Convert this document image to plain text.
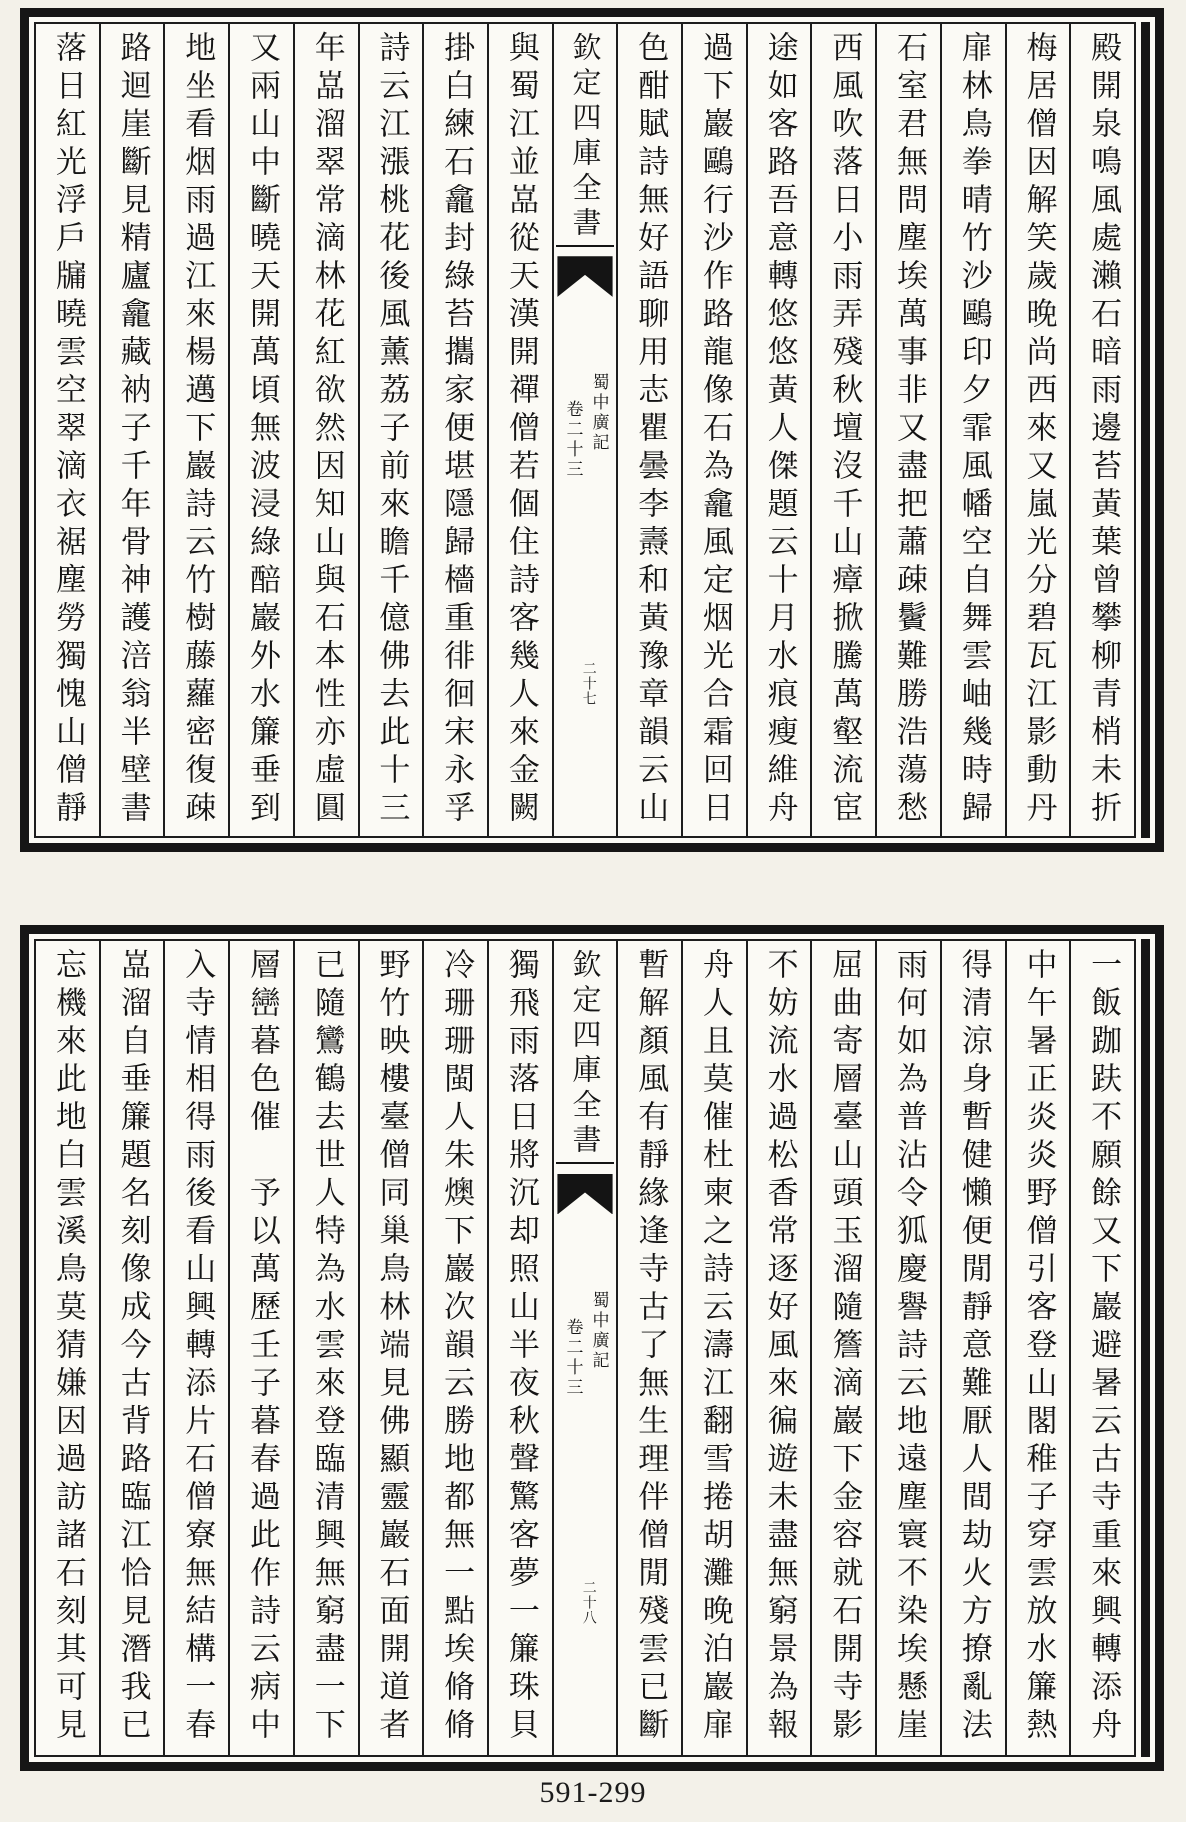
殿開泉鳴風處瀨石暗雨邊苔黃葉曾攀柳青梢未折
梅居僧因解笑歲晚尚西來又嵐光分碧瓦江影動丹
扉林鳥拳晴竹沙鷗印夕霏風幡空自舞雲岫幾時歸
石室君無問塵埃萬事非又盡把蕭疎鬢難勝浩蕩愁
西風吹落日小雨弄殘秋壇沒千山瘴掀騰萬壑流宦
途如客路吾意轉悠悠黃人傑題云十月水痕瘦維舟
過下巖鷗行沙作路龍像石為龕風定烟光合霜回日
色酣賦詩無好語聊用志瞿曇李燾和黃豫章韻云山
欽定四庫全書
卷二十三 蜀中廣記
二十七
與蜀江並嵓從天漢開禪僧若個住詩客幾人來金闕
掛白練石龕封綠苔攜家便堪隱歸檣重徘徊宋永孚
詩云江漲桃花後風薰荔子前來瞻千億佛去此十三
年嵓溜翠常滴林花紅欲然因知山與石本性亦虛圓
又兩山中斷曉天開萬頃無波浸綠醅巖外水簾垂到
地坐看烟雨過江來楊邁下巖詩云竹樹藤蘿密復疎
路迴崖斷見精廬龕藏衲子千年骨神護涪翁半壁書
落日紅光浮戶牖曉雲空翠滴衣裾塵勞獨愧山僧靜
一飯跏趺不願餘又下巖避暑云古寺重來興轉添舟
中午暑正炎炎野僧引客登山閣稚子穿雲放水簾熱
得清涼身暫健懶便閒靜意難厭人間劫火方撩亂法
雨何如為普沾令狐慶譽詩云地遠塵寰不染埃懸崖
屈曲寄層臺山頭玉溜隨簷滴巖下金容就石開寺影
不妨流水過松香常逐好風來徧遊未盡無窮景為報
舟人且莫催杜柬之詩云濤江翻雪捲胡灘晚泊巖扉
暫解顏風有靜緣逢寺古了無生理伴僧閒殘雲已斷
欽定四庫全書
卷二十三 蜀中廣記
二十八
獨飛雨落日將沉却照山半夜秋聲驚客夢一簾珠貝
冷珊珊閩人朱燠下巖次韻云勝地都無一點埃脩脩
野竹映樓臺僧同巢鳥林端見佛顯靈巖石面開道者
已隨鸞鶴去世人特為水雲來登臨清興無窮盡一下
層巒暮色催　予以萬歷壬子暮春過此作詩云病中
入寺情相得雨後看山興轉添片石僧寮無結構一春
嵓溜自垂簾題名刻像成今古背路臨江恰見潛我已
忘機來此地白雲溪鳥莫猜嫌因過訪諸石刻其可見
591-299
